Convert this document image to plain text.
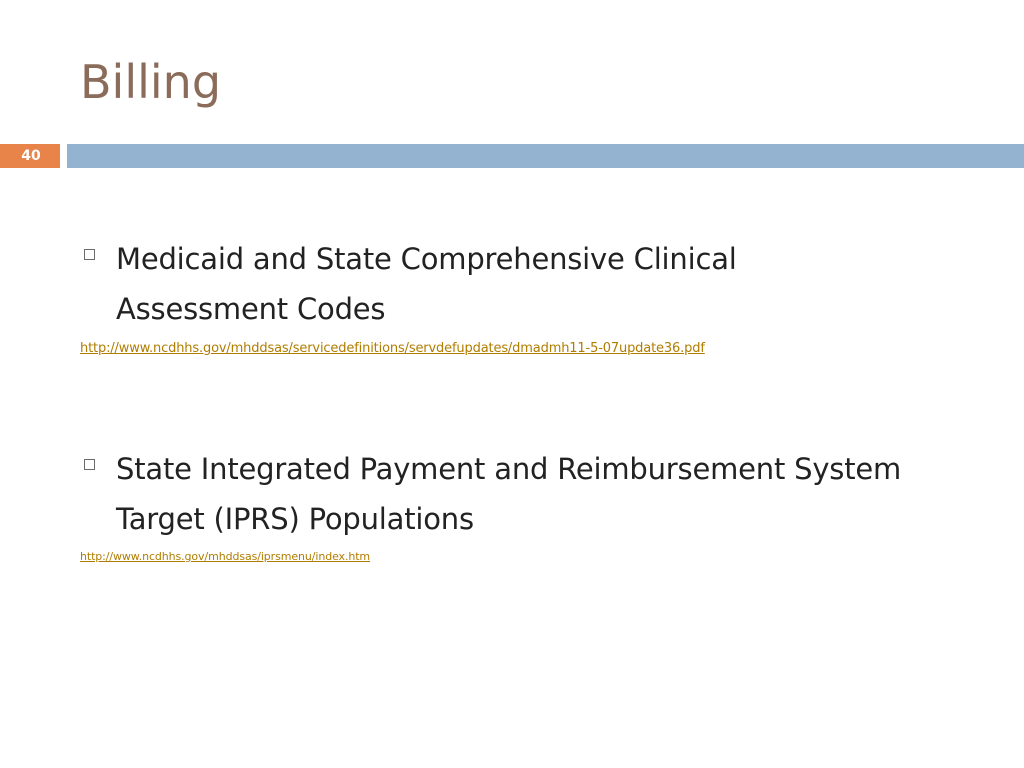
Billing
40
Medicaid and State Comprehensive Clinical Assessment Codes
http://www.ncdhhs.gov/mhddsas/servicedefinitions/servdefupdates/dmadmh11-5-07update36.pdf
State Integrated Payment and Reimbursement System Target (IPRS) Populations
http://www.ncdhhs.gov/mhddsas/iprsmenu/index.htm
